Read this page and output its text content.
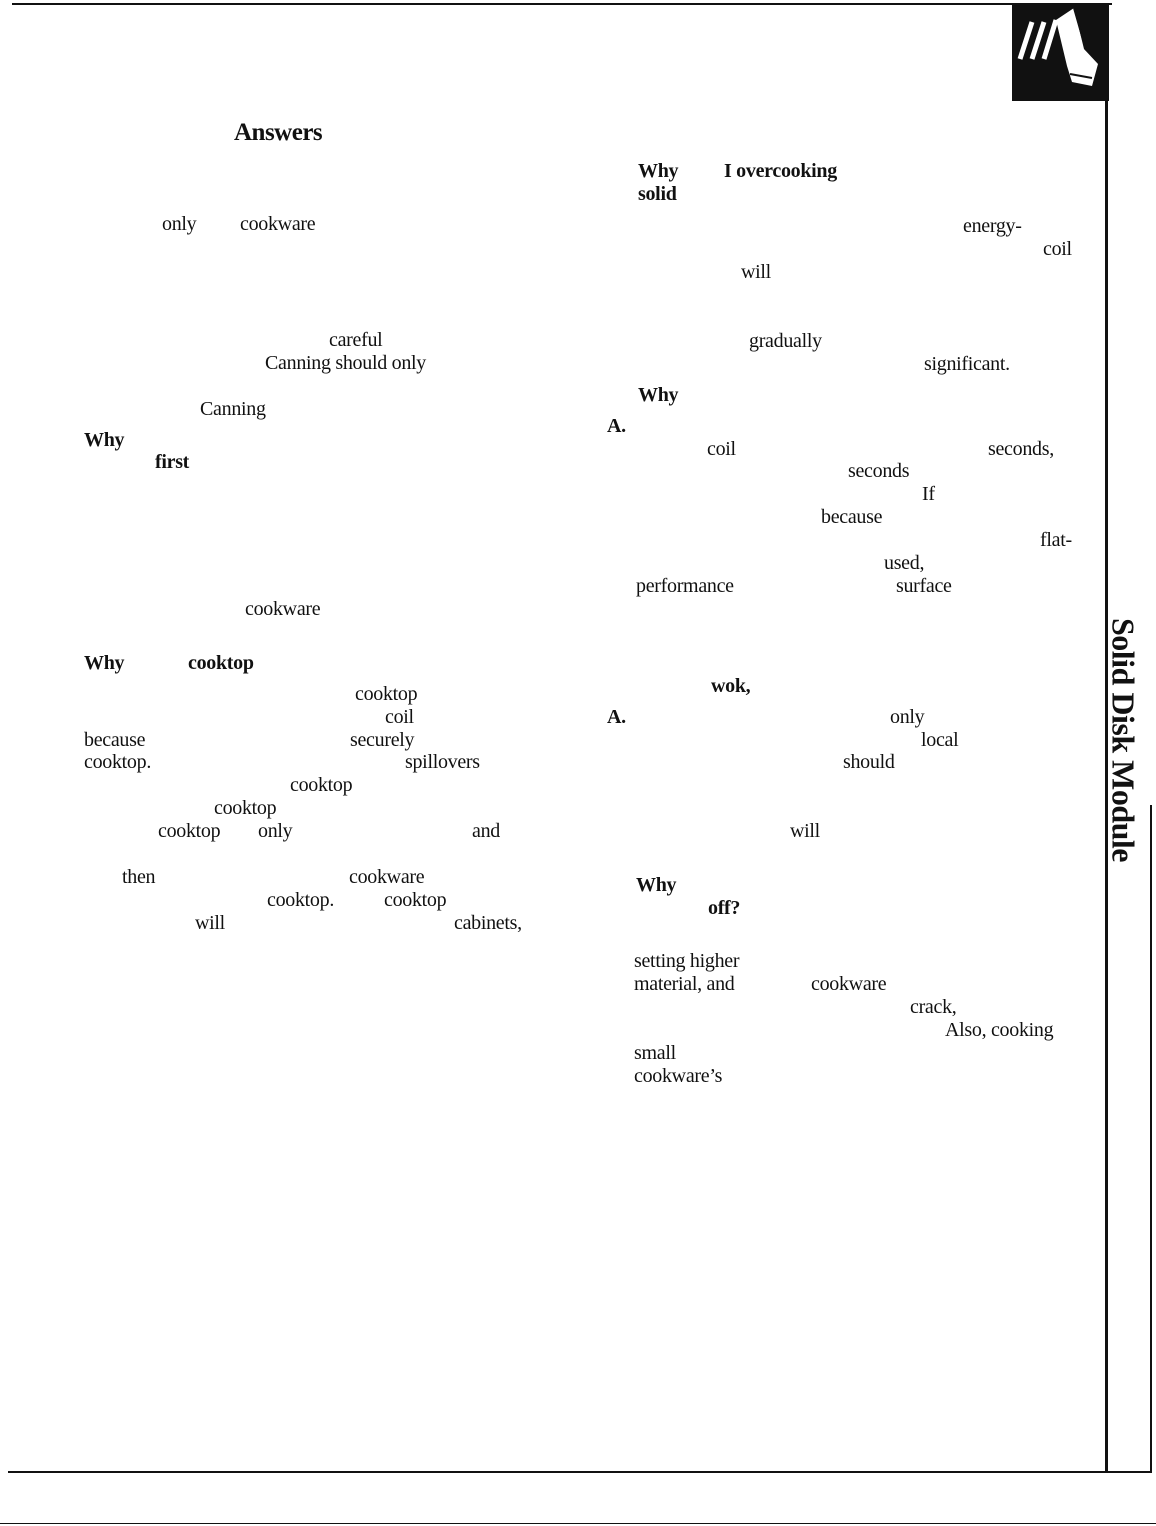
Solid Disk Module
Answers
only cookware
careful
Canning should only
Canning
Why
first
cookware
Why	cooktop
cooktop
coil
because	securely
cooktop.	spillovers
cooktop
cooktop
cooktop only	and
then	cookware
cooktop. cooktop
will	cabinets,
Why I overcooking
solid
energy-
coil
will
gradually
significant.
Why
A.
coil	seconds,
seconds
If
because
flat-
used,
performance	surface
wok,
A.	only
local
should
will
Why
off?
setting higher
material, and	cookware
crack,
Also, cooking
small
cookware’s
